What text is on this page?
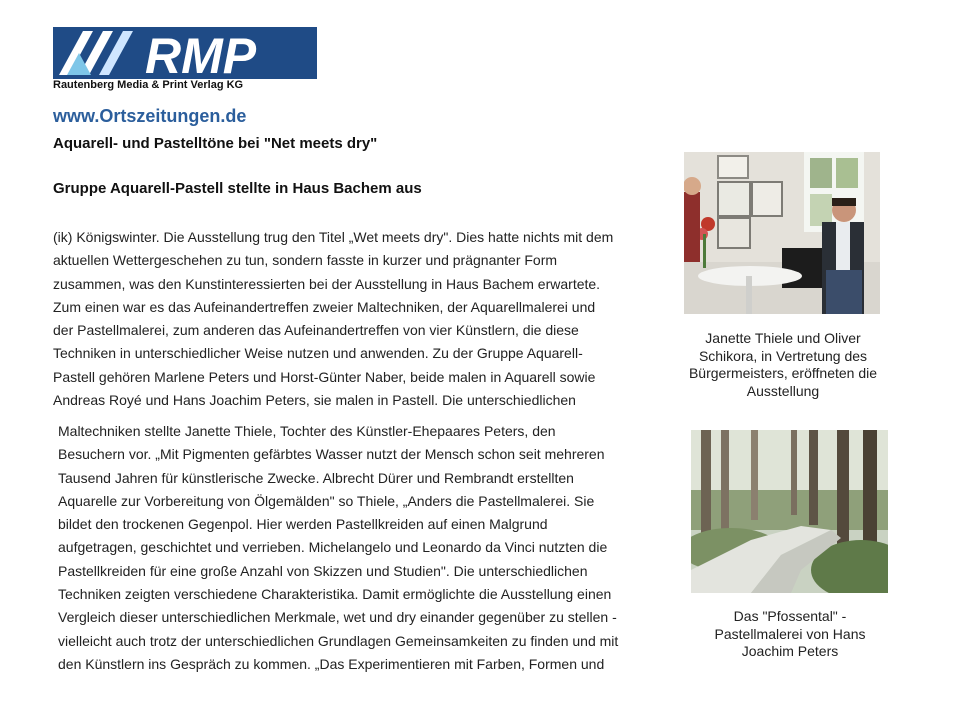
RMP
Rautenberg Media & Print Verlag KG
www.Ortszeitungen.de
Aquarell- und Pastelltöne bei "Net meets dry"
Gruppe Aquarell-Pastell stellte in Haus Bachem aus

(ik) Königswinter. Die Ausstellung trug den Titel „Wet meets dry". Dies hatte nichts mit dem
aktuellen Wettergeschehen zu tun, sondern fasste in kurzer und prägnanter Form
zusammen, was den Kunstinteressierten bei der Ausstellung in Haus Bachem erwartete.
Zum einen war es das Aufeinandertreffen zweier Maltechniken, der Aquarellmalerei und
der Pastellmalerei, zum anderen das Aufeinandertreffen von vier Künstlern, die diese
Techniken in unterschiedlicher Weise nutzen und anwenden. Zu der Gruppe Aquarell-
Pastell gehören Marlene Peters und Horst-Günter Naber, beide malen in Aquarell sowie
Andreas Royé und Hans Joachim Peters, sie malen in Pastell. Die unterschiedlichen

Maltechniken stellte Janette Thiele, Tochter des Künstler-Ehepaares Peters, den
Besuchern vor. „Mit Pigmenten gefärbtes Wasser nutzt der Mensch schon seit mehreren
Tausend Jahren für künstlerische Zwecke. Albrecht Dürer und Rembrandt erstellten
Aquarelle zur Vorbereitung von Ölgemälden" so Thiele, „Anders die Pastellmalerei. Sie
bildet den trockenen Gegenpol. Hier werden Pastellkreiden auf einen Malgrund
aufgetragen, geschichtet und verrieben. Michelangelo und Leonardo da Vinci nutzten die
Pastellkreiden für eine große Anzahl von Skizzen und Studien". Die unterschiedlichen
Techniken zeigten verschiedene Charakteristika. Damit ermöglichte die Ausstellung einen
Vergleich dieser unterschiedlichen Merkmale, wet und dry einander gegenüber zu stellen -
vielleicht auch trotz der unterschiedlichen Grundlagen Gemeinsamkeiten zu finden und mit
den Künstlern ins Gespräch zu kommen. „Das Experimentieren mit Farben, Formen und

Janette Thiele und Oliver
Schikora, in Vertretung des
Bürgermeisters, eröffneten die
Ausstellung

Das "Pfossental" -
Pastellmalerei von Hans
Joachim Peters
